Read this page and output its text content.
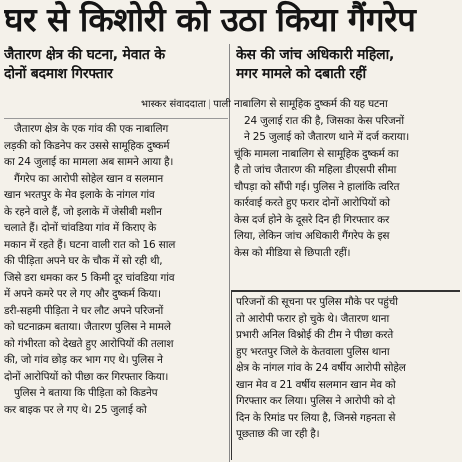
घर से किशोरी को उठा किया गैंगरेप
जैतारण क्षेत्र की घटना, मेवात के
दोनों बदमाश गिरफ्तार
केस की जांच अधिकारी महिला,
मगर मामले को दबाती रहीं
भास्कर संवाददाता | पाली
जैतारण क्षेत्र के एक गांव की एक नाबालिग
लड़की को किडनेप कर उससे सामूहिक दुष्कर्म
का 24 जुलाई का मामला अब सामने आया है।
गैंगरेप का आरोपी सोहेल खान व सलमान
खान भरतपुर के मेव इलाके के नांगल गांव
के रहने वाले हैं, जो इलाके में जेसीबी मशीन
चलाते हैं। दोनों चांवडिया गांव में किराए के
मकान में रहते हैं। घटना वाली रात को 16 साल
की पीड़िता अपने घर के चौक में सो रही थी,
जिसे डरा धमका कर 5 किमी दूर चांवडिया गांव
में अपने कमरे पर ले गए और दुष्कर्म किया।
डरी-सहमी पीड़िता ने घर लौट अपने परिजनों
को घटनाक्रम बताया। जैतारण पुलिस ने मामले
को गंभीरता को देखते हुए आरोपियों की तलाश
की, जो गांव छोड़ कर भाग गए थे। पुलिस ने
दोनों आरोपियों को पीछा कर गिरफ्तार किया।
पुलिस ने बताया कि पीड़िता को किडनेप
कर बाइक पर ले गए थे। 25 जुलाई को
नाबालिग से सामूहिक दुष्कर्म की यह घटना
24 जुलाई रात की है, जिसका केस परिजनों
ने 25 जुलाई को जैतारण थाने में दर्ज कराया।
चूंकि मामला नाबालिग से सामूहिक दुष्कर्म का
है तो जांच जैतारण की महिला डीएसपी सीमा
चौपड़ा को सौंपी गई। पुलिस ने हालांकि त्वरित
कार्रवाई करते हुए फरार दोनों आरोपियों को
केस दर्ज होने के दूसरे दिन ही गिरफ्तार कर
लिया, लेकिन जांच अधिकारी गैंगरेप के इस
केस को मीडिया से छिपाती रहीं।
परिजनों की सूचना पर पुलिस मौके पर पहुंची
तो आरोपी फरार हो चुके थे। जैतारण थाना
प्रभारी अनिल विश्नोई की टीम ने पीछा करते
हुए भरतपुर जिले के केतवाला पुलिस थाना
क्षेत्र के नांगल गांव के 24 वर्षीय आरोपी सोहेल
खान मेव व 21 वर्षीय सलमान खान मेव को
गिरफ्तार कर लिया। पुलिस ने आरोपी को दो
दिन के रिमांड पर लिया है, जिनसे गहनता से
पूछताछ की जा रही है।
